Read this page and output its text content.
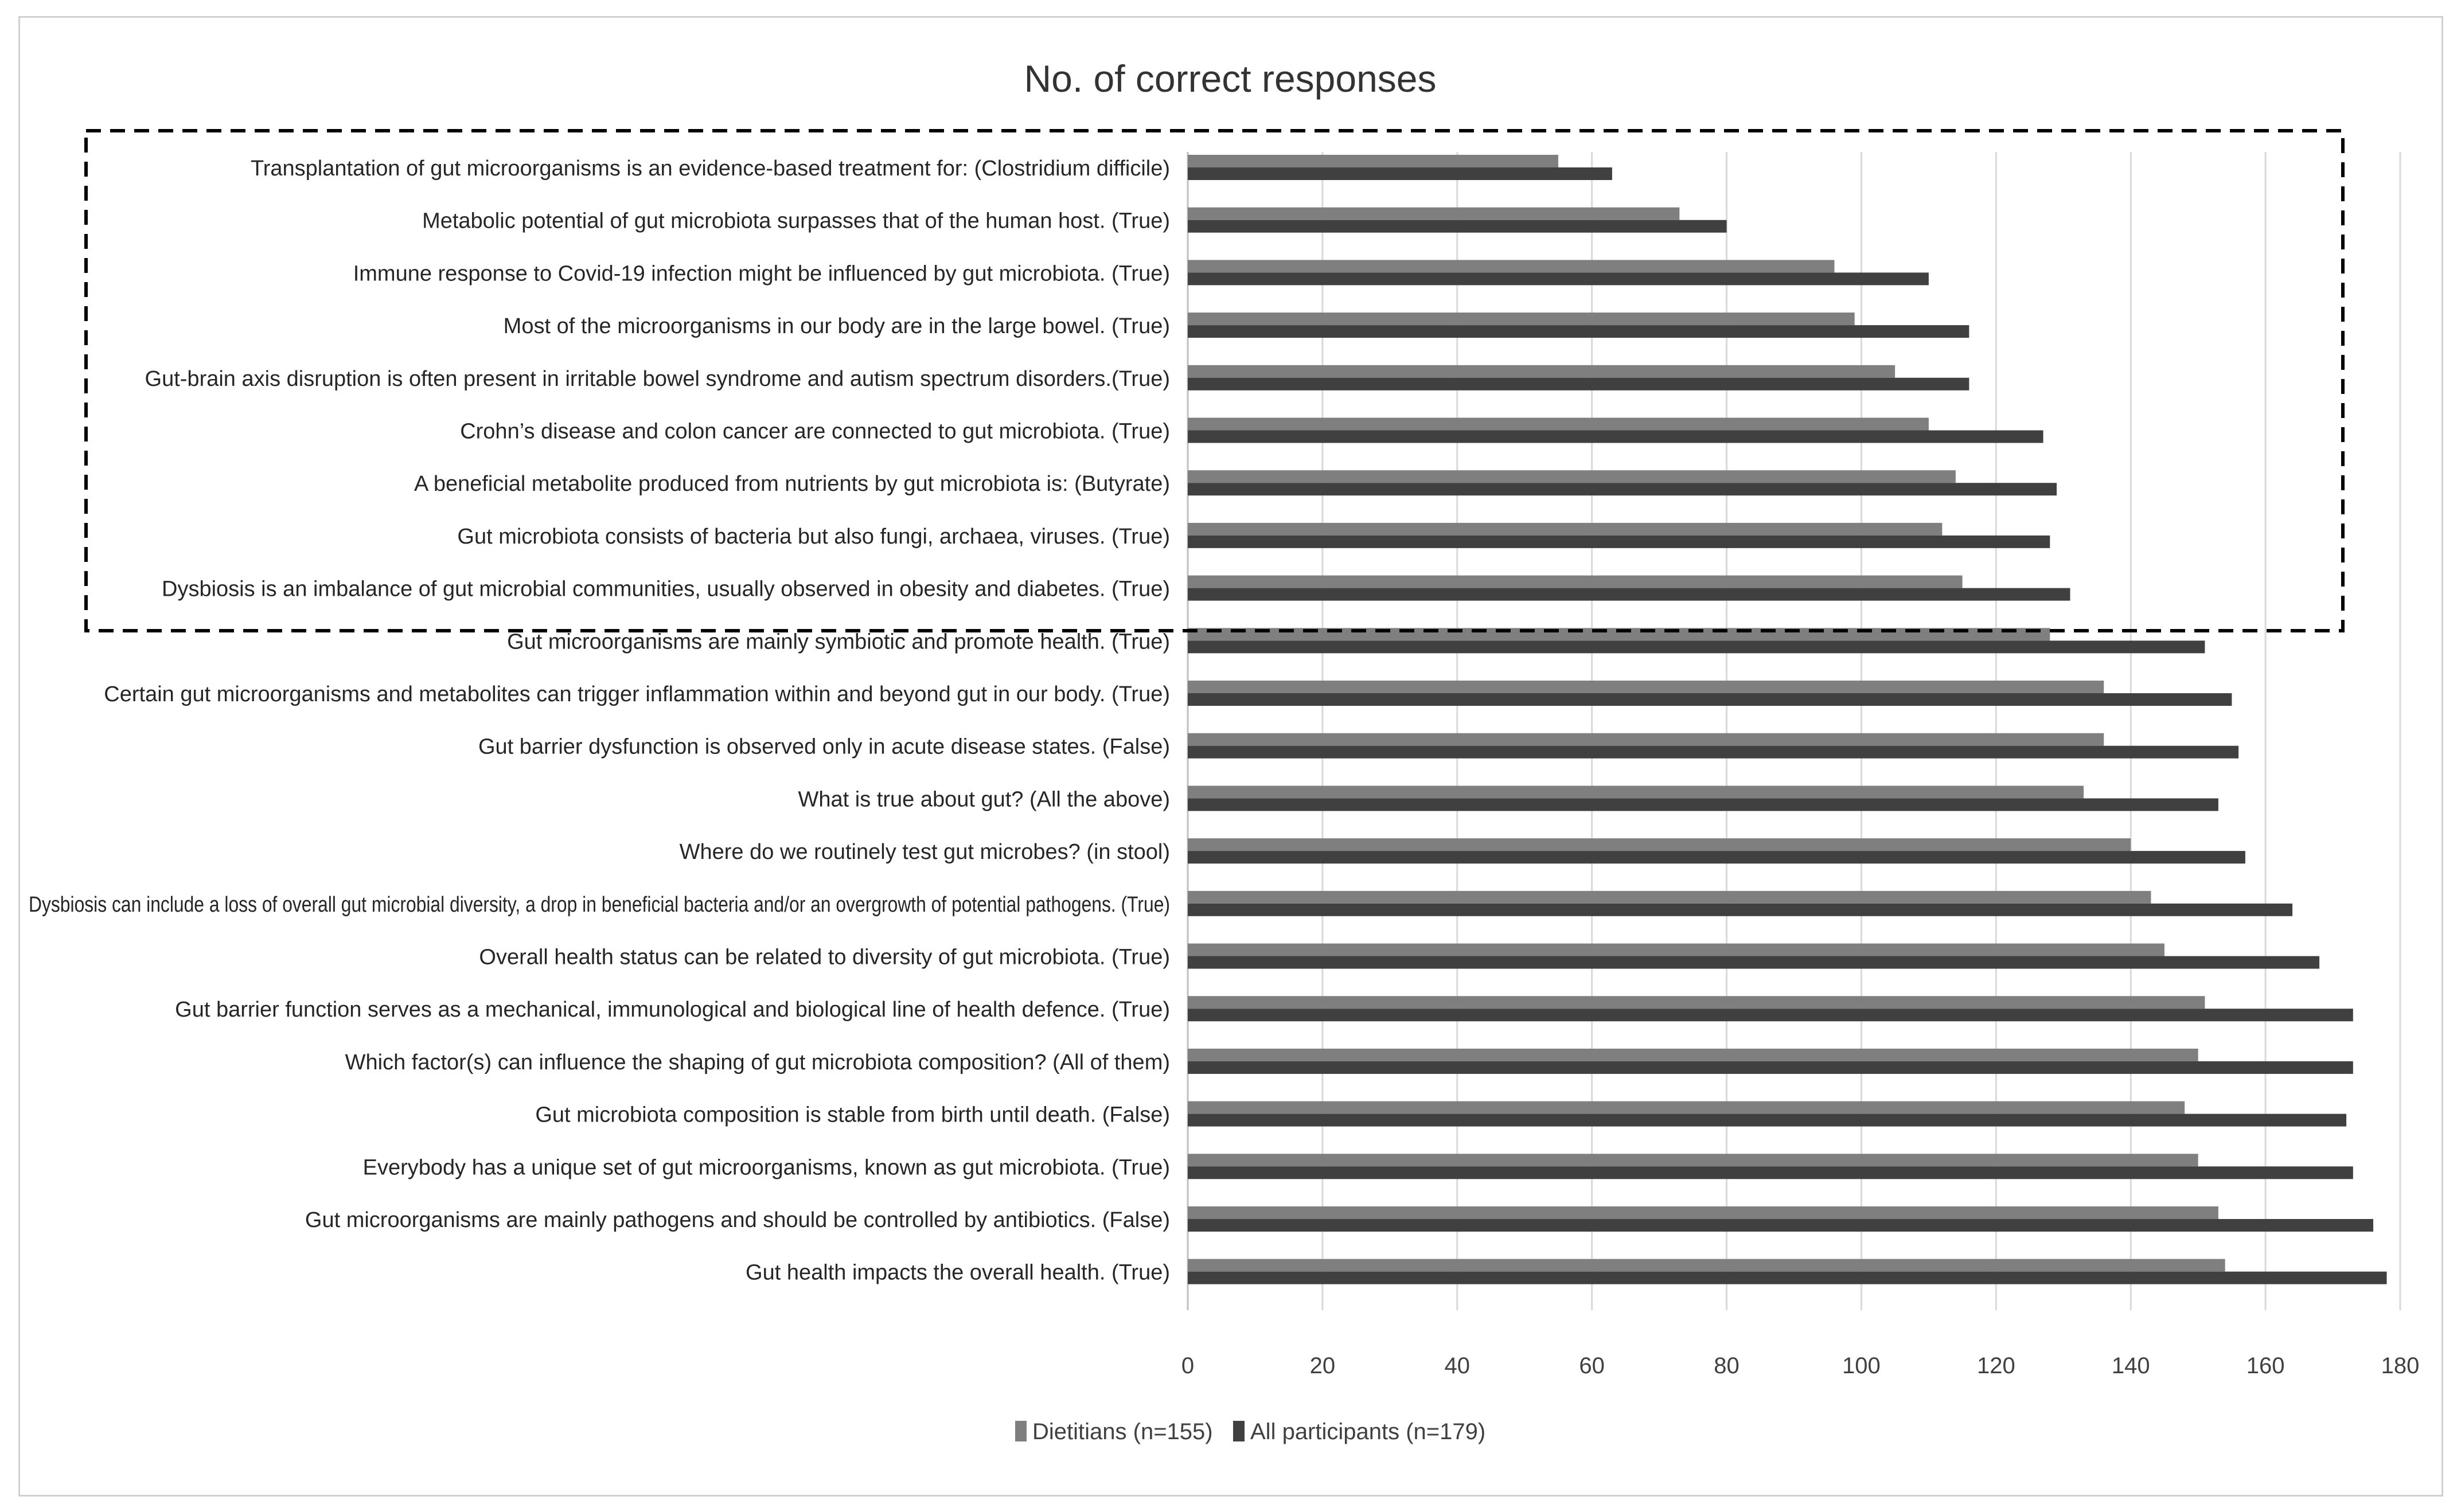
No. of correct responses
Transplantation of gut microorganisms is an evidence-based treatment for: (Clostridium difficile)
Metabolic potential of gut microbiota surpasses that of the human host. (True)
Immune response to Covid-19 infection might be influenced by gut microbiota. (True)
Most of the microorganisms in our body are in the large bowel. (True)
Gut-brain axis disruption is often present in irritable bowel syndrome and autism spectrum disorders.(True)
Crohn’s disease and colon cancer are connected to gut microbiota. (True)
A beneficial metabolite produced from nutrients by gut microbiota is: (Butyrate)
Gut microbiota consists of bacteria but also fungi, archaea, viruses. (True)
Dysbiosis is an imbalance of gut microbial communities, usually observed in obesity and diabetes. (True)
Gut microorganisms are mainly symbiotic and promote health. (True)
Certain gut microorganisms and metabolites can trigger inflammation within and beyond gut in our body. (True)
Gut barrier dysfunction is observed only in acute disease states. (False)
What is true about gut? (All the above)
Where do we routinely test gut microbes? (in stool)
Dysbiosis can include a loss of overall gut microbial diversity, a drop in beneficial bacteria and/or an overgrowth of potential pathogens. (True)
Overall health status can be related to diversity of gut microbiota. (True)
Gut barrier function serves as a mechanical, immunological and biological line of health defence. (True)
Which factor(s) can influence the shaping of gut microbiota composition? (All of them)
Gut microbiota composition is stable from birth until death. (False)
Everybody has a unique set of gut microorganisms, known as gut microbiota. (True)
Gut microorganisms are mainly pathogens and should be controlled by antibiotics. (False)
Gut health impacts the overall health. (True)
0	20	40	60	80	100	120	140	160	180
Dietitians (n=155) All participants (n=179)
